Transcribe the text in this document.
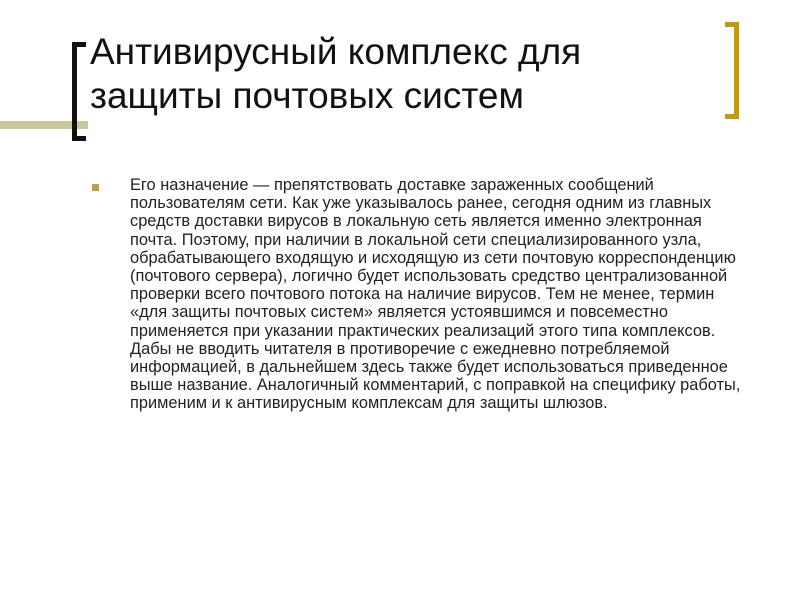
Антивирусный комплекс для защиты почтовых систем

Его назначение — препятствовать доставке зараженных сообщений пользователям сети. Как уже указывалось ранее, сегодня одним из главных средств доставки вирусов в локальную сеть является именно электронная почта. Поэтому, при наличии в локальной сети специализированного узла, обрабатывающего входящую и исходящую из сети почтовую корреспонденцию (почтового сервера), логично будет использовать средство централизованной проверки всего почтового потока на наличие вирусов. Тем не менее, термин «для защиты почтовых систем» является устоявшимся и повсеместно применяется при указании практических реализаций этого типа комплексов. Дабы не вводить читателя в противоречие с ежедневно потребляемой информацией, в дальнейшем здесь также будет использоваться приведенное выше название. Аналогичный комментарий, с поправкой на специфику работы, применим и к антивирусным комплексам для защиты шлюзов.
